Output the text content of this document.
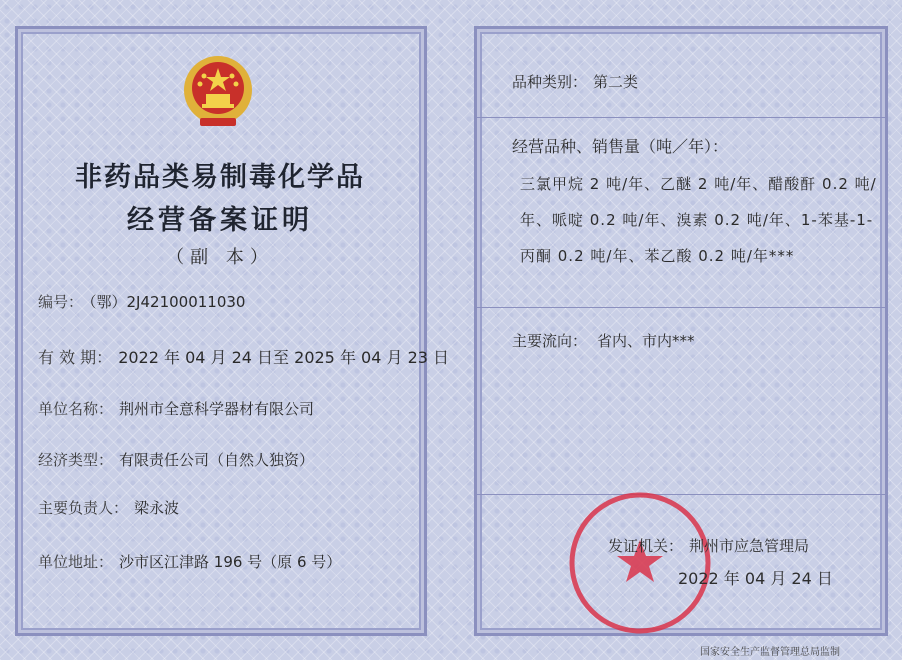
非药品类易制毒化学品
经营备案证明
（副 本）
编号： （鄂）2J42100011030
有 效 期： 2022 年 04 月 24 日至 2025 年 04 月 23 日
单位名称： 荆州市全意科学器材有限公司
经济类型： 有限责任公司（自然人独资）
主要负责人： 梁永波
单位地址： 沙市区江津路 196 号（原 6 号）
品种类别： 第二类
经营品种、销售量（吨／年）：
三氯甲烷 2 吨/年、乙醚 2 吨/年、醋酸酐 0.2 吨/年、哌啶 0.2 吨/年、溴素 0.2 吨/年、1-苯基-1-丙酮 0.2 吨/年、苯乙酸 0.2 吨/年***
主要流向： 省内、市内***
发证机关： 荆州市应急管理局
2022 年 04 月 24 日
国家安全生产监督管理总局监制
